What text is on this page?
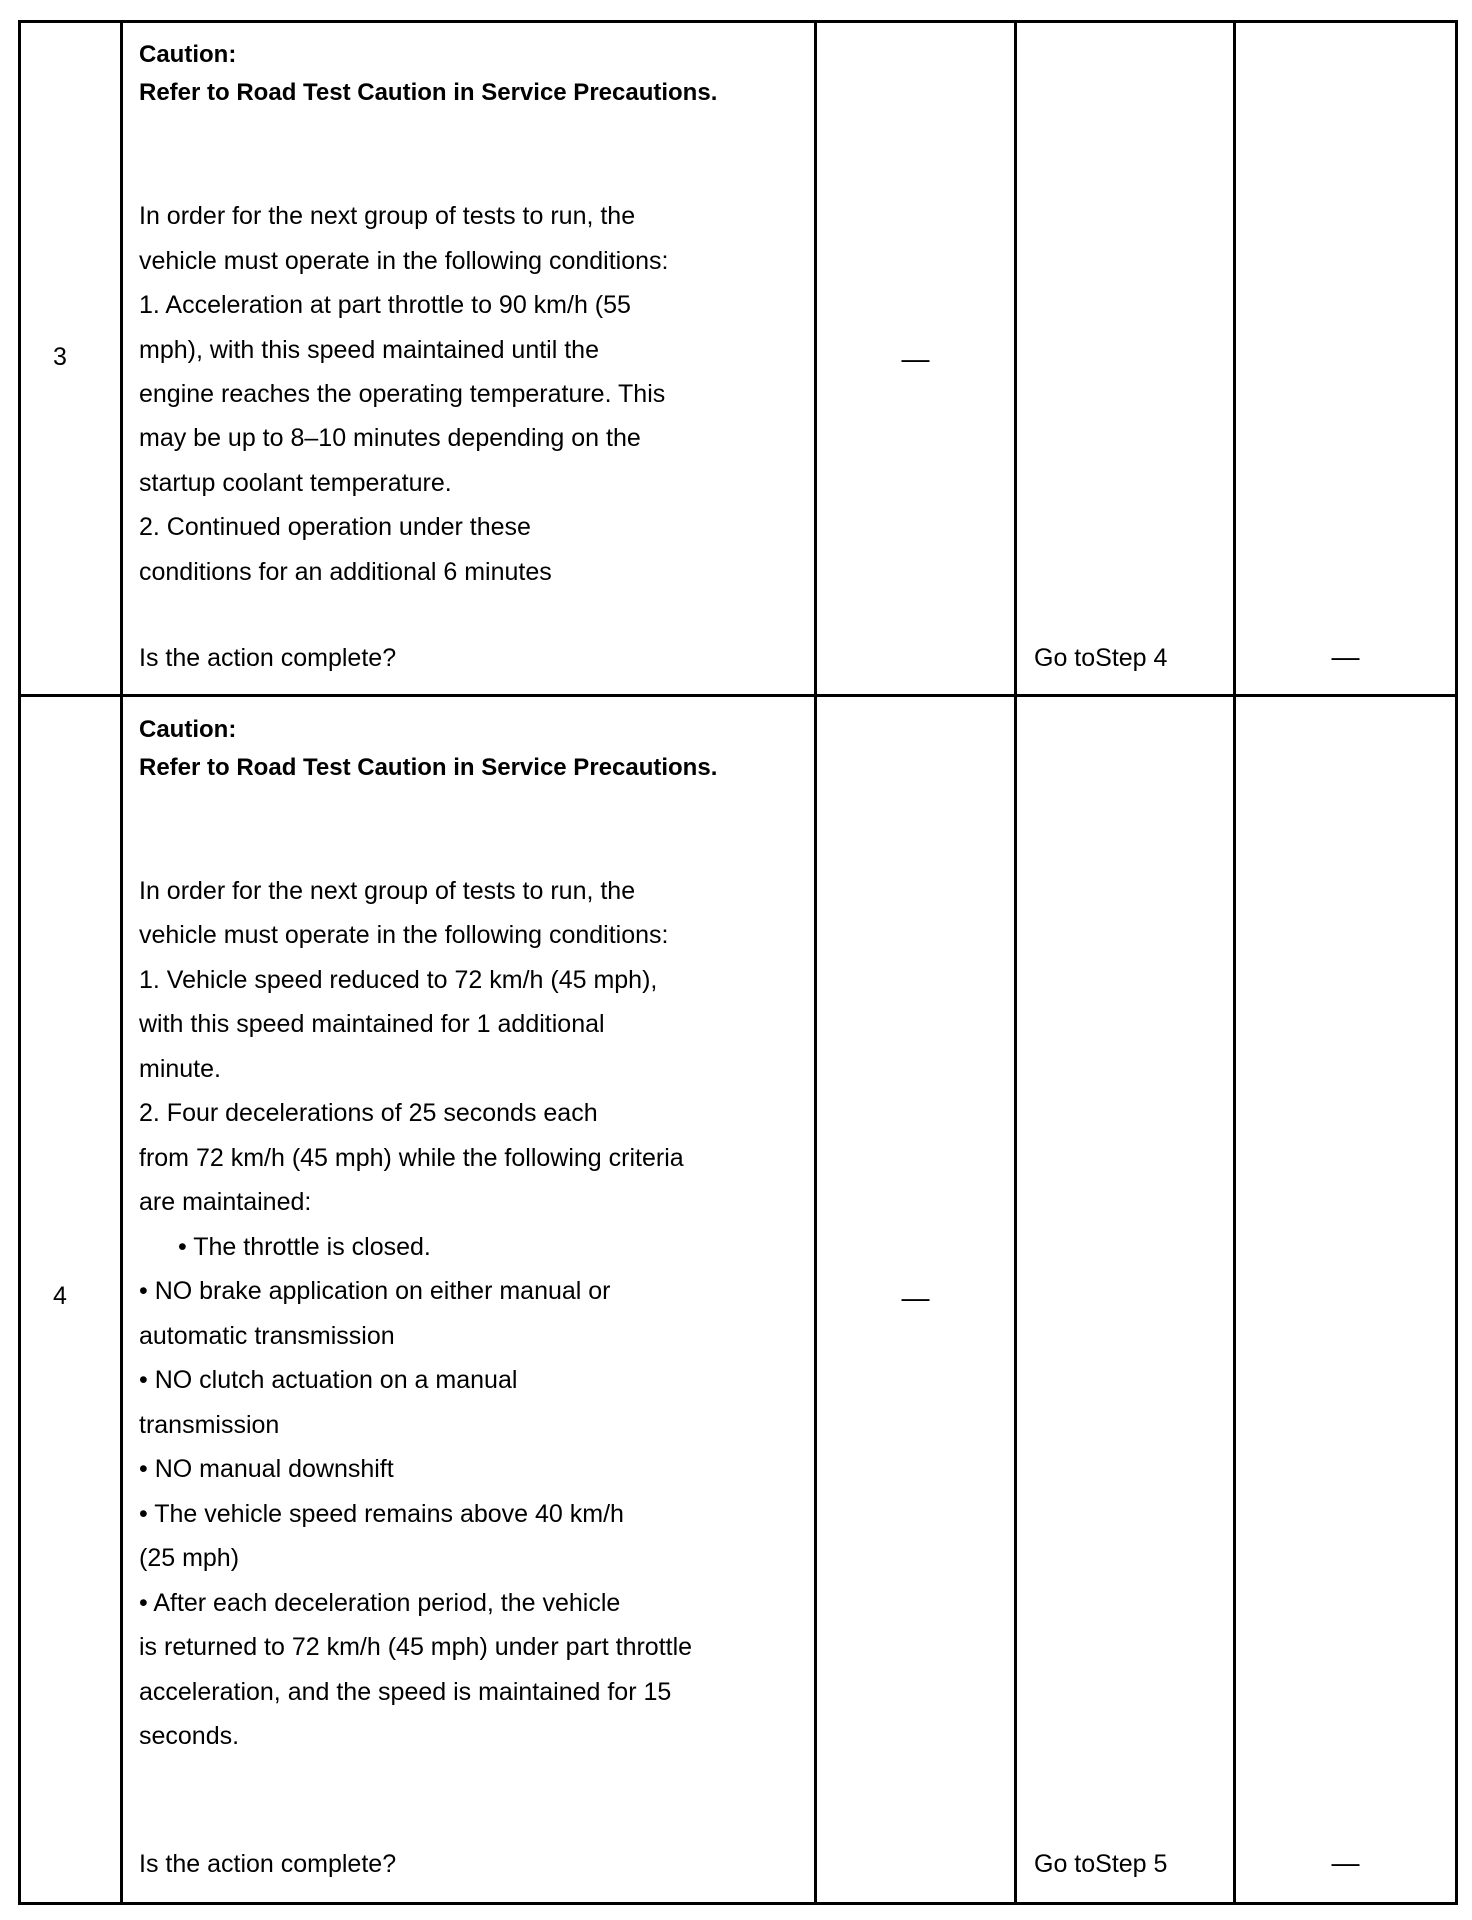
3
Caution:
Refer to Road Test Caution in Service Precautions.
In order for the next group of tests to run, the
vehicle must operate in the following conditions:
1. Acceleration at part throttle to 90 km/h (55
mph), with this speed maintained until the
engine reaches the operating temperature. This
may be up to 8–10 minutes depending on the
startup coolant temperature.
2. Continued operation under these
conditions for an additional 6 minutes
Is the action complete?
—
Go toStep 4	—
4
Caution:
Refer to Road Test Caution in Service Precautions.
In order for the next group of tests to run, the
vehicle must operate in the following conditions:
1. Vehicle speed reduced to 72 km/h (45 mph),
with this speed maintained for 1 additional
minute.
2. Four decelerations of 25 seconds each
from 72 km/h (45 mph) while the following criteria
are maintained:
• The throttle is closed.
• NO brake application on either manual or
automatic transmission
• NO clutch actuation on a manual
transmission
• NO manual downshift
• The vehicle speed remains above 40 km/h
(25 mph)
• After each deceleration period, the vehicle
is returned to 72 km/h (45 mph) under part throttle
acceleration, and the speed is maintained for 15
seconds.
Is the action complete?
—
Go toStep 5	—
